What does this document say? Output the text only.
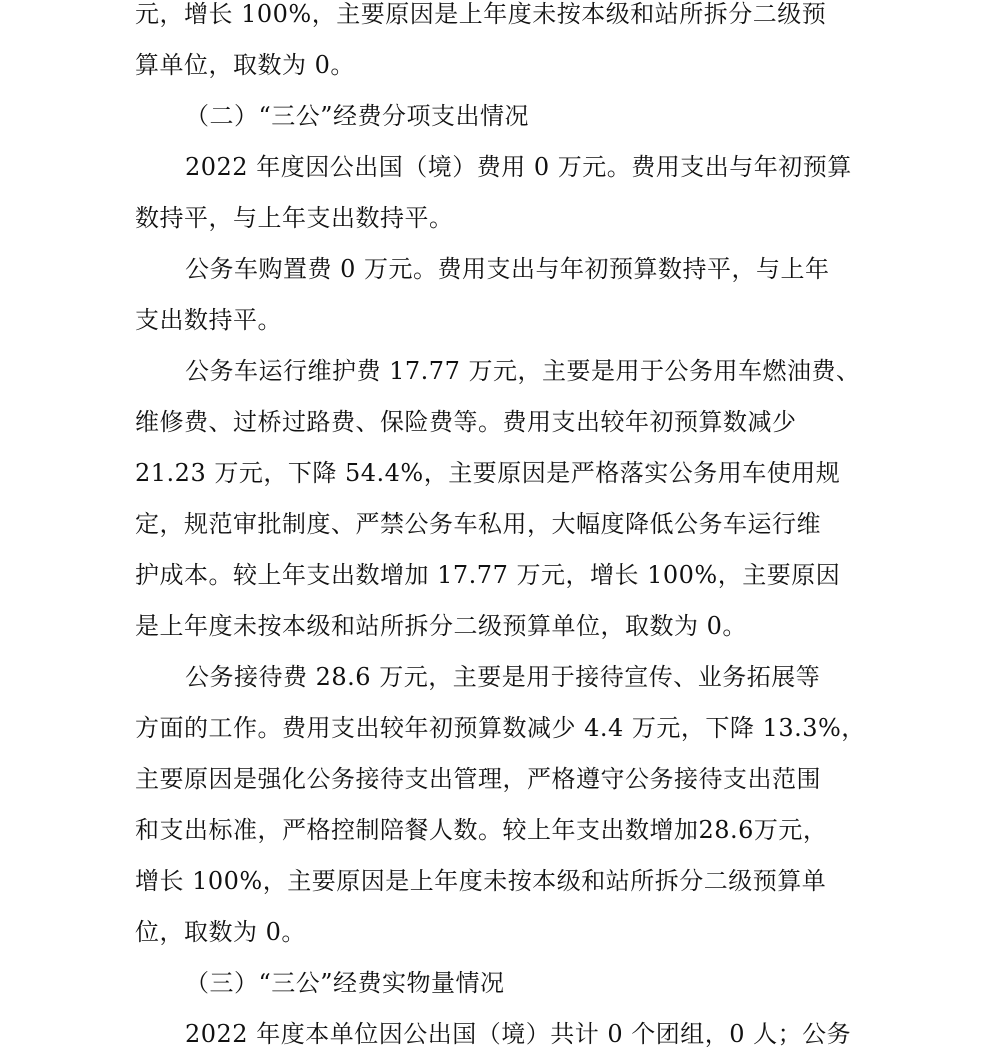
元，增长 100%，主要原因是上年度未按本级和站所拆分二级预
算单位，取数为 0。
（二）“三公”经费分项支出情况
2022 年度因公出国（境）费用 0 万元。费用支出与年初预算
数持平，与上年支出数持平。
公务车购置费 0 万元。费用支出与年初预算数持平，与上年
支出数持平。
公务车运行维护费 17.77 万元，主要是用于公务用车燃油费、
维修费、过桥过路费、保险费等。费用支出较年初预算数减少
21.23 万元，下降 54.4%，主要原因是严格落实公务用车使用规
定，规范审批制度、严禁公务车私用，大幅度降低公务车运行维
护成本。较上年支出数增加 17.77 万元，增长 100%，主要原因
是上年度未按本级和站所拆分二级预算单位，取数为 0。
公务接待费 28.6 万元，主要是用于接待宣传、业务拓展等
方面的工作。费用支出较年初预算数减少 4.4 万元，下降 13.3%，
主要原因是强化公务接待支出管理，严格遵守公务接待支出范围
和支出标准，严格控制陪餐人数。较上年支出数增加28.6万元，
增长 100%，主要原因是上年度未按本级和站所拆分二级预算单
位，取数为 0。
（三）“三公”经费实物量情况
2022 年度本单位因公出国（境）共计 0 个团组，0 人；公务
